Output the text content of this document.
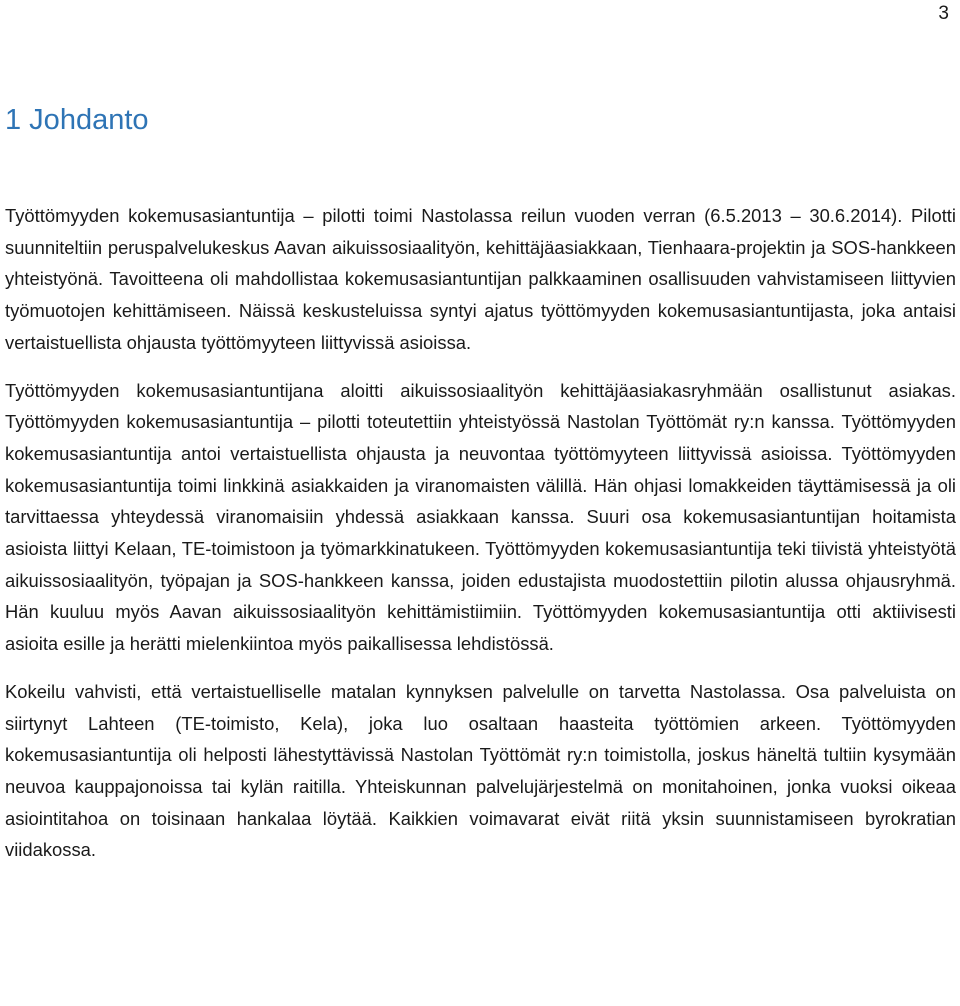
3
1 Johdanto

Työttömyyden kokemusasiantuntija – pilotti toimi Nastolassa reilun vuoden verran (6.5.2013 – 30.6.2014). Pilotti suunniteltiin peruspalvelukeskus Aavan aikuissosiaalityön, kehittäjäasiakkaan, Tienhaara-projektin ja SOS-hankkeen yhteistyönä. Tavoitteena oli mahdollistaa kokemusasiantuntijan palkkaaminen osallisuuden vahvistamiseen liittyvien työmuotojen kehittämiseen. Näissä keskusteluissa syntyi ajatus työttömyyden kokemusasiantuntijasta, joka antaisi vertaistuellista ohjausta työttömyyteen liittyvissä asioissa.

Työttömyyden kokemusasiantuntijana aloitti aikuissosiaalityön kehittäjäasiakasryhmään osallistunut asiakas. Työttömyyden kokemusasiantuntija – pilotti toteutettiin yhteistyössä Nastolan Työttömät ry:n kanssa. Työttömyyden kokemusasiantuntija antoi vertaistuellista ohjausta ja neuvontaa työttömyyteen liittyvissä asioissa. Työttömyyden kokemusasiantuntija toimi linkkinä asiakkaiden ja viranomaisten välillä. Hän ohjasi lomakkeiden täyttämisessä ja oli tarvittaessa yhteydessä viranomaisiin yhdessä asiakkaan kanssa. Suuri osa kokemusasiantuntijan hoitamista asioista liittyi Kelaan, TE-toimistoon ja työmarkkinatukeen. Työttömyyden kokemusasiantuntija teki tiivistä yhteistyötä aikuissosiaalityön, työpajan ja SOS-hankkeen kanssa, joiden edustajista muodostettiin pilotin alussa ohjausryhmä. Hän kuuluu myös Aavan aikuissosiaalityön kehittämistiimiin. Työttömyyden kokemusasiantuntija otti aktiivisesti asioita esille ja herätti mielenkiintoa myös paikallisessa lehdistössä.

Kokeilu vahvisti, että vertaistuelliselle matalan kynnyksen palvelulle on tarvetta Nastolassa. Osa palveluista on siirtynyt Lahteen (TE-toimisto, Kela), joka luo osaltaan haasteita työttömien arkeen. Työttömyyden kokemusasiantuntija oli helposti lähestyttävissä Nastolan Työttömät ry:n toimistolla, joskus häneltä tultiin kysymään neuvoa kauppajonoissa tai kylän raitilla. Yhteiskunnan palvelujärjestelmä on monitahoinen, jonka vuoksi oikeaa asiointitahoa on toisinaan hankalaa löytää. Kaikkien voimavarat eivät riitä yksin suunnistamiseen byrokratian viidakossa.
